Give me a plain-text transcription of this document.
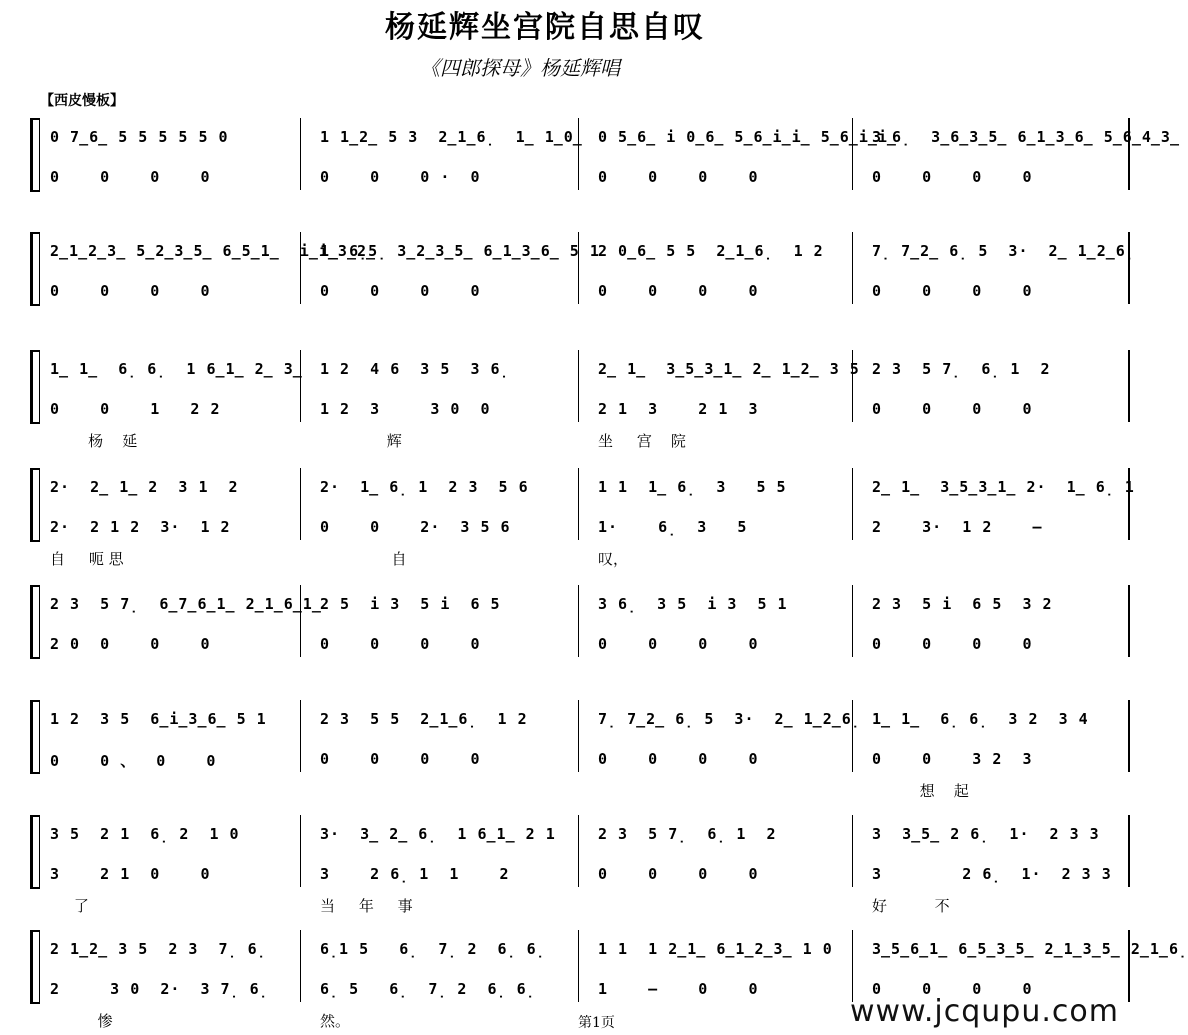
杨延辉坐宫院自思自叹
《四郎探母》杨延辉唱
【西皮慢板】
0 7̲6̲ 5 5 5 5 5 0
0    0    0    0
1 1̲2̲ 5 3  2̲1̲6̣  1̲ 1̲0̲
0    0    0 ·  0
0 5̲6̲ i 0̲6̲ 5̲6̲i̲i̲ 5̲6̲i̲i̲
0    0    0    0
3 6̣  3̲6̲3̲5̲ 6̲1̲3̲6̲ 5̲6̲4̲3̲
0    0    0    0
2̲1̲2̲3̲ 5̲2̲3̲5̲ 6̲5̲1̲  i̲i̲3̲2̲
0    0    0    0
1̲ 6̣5̣ 3̲2̲3̲5̲ 6̲1̲3̲6̲ 5 1
0    0    0    0
2 0̲6̲ 5 5  2̲1̲6̣  1 2
0    0    0    0
7̣ 7̲2̲ 6̣ 5  3·  2̲ 1̲2̲6̣
0    0    0    0
1̲ 1̲  6̣ 6̣  1 6̲1̲ 2̲ 3̲
0    0    1   2 2
杨    延
1 2  4 6  3 5  3 6̣
1 2  3     3 0  0
辉
2̲ 1̲  3̲5̲3̲1̲ 2̲ 1̲2̲ 3 5
2 1  3    2 1  3
坐     宫    院
2 3  5 7̣  6̣ 1  2
0    0    0    0
2·  2̲ 1̲ 2  3 1  2
2·  2 1 2  3·  1 2
自     呃 思
2·  1̲ 6̣ 1  2 3  5 6
0    0    2·  3 5 6
自
1 1  1̲ 6̣  3   5 5
1·    6̣  3   5
叹，
2̲ 1̲  3̲5̲3̲1̲ 2·  1̲ 6̣ 1
2    3·  1 2    —
2 3  5 7̣  6̲7̲6̲1̲ 2̲1̲6̲1̲
2 0  0    0    0
2 5  i 3  5 i  6 5
0    0    0    0
3 6̣  3 5  i 3  5 1
0    0    0    0
2 3  5 i  6 5  3 2
0    0    0    0
1 2  3 5  6̲i̲3̲6̲ 5 1
0    0 、  0    0
2 3  5 5  2̲1̲6̣  1 2
0    0    0    0
7̣ 7̲2̲ 6̣ 5  3·  2̲ 1̲2̲6̣
0    0    0    0
1̲ 1̲  6̣ 6̣  3 2  3 4
0    0    3 2  3
想    起
3 5  2 1  6̣ 2  1 0
3    2 1  0    0
了
3·  3̲ 2̲ 6̣  1 6̲1̲ 2 1
3    2 6̣ 1  1    2
当     年     事
2 3  5 7̣  6̣ 1  2
0    0    0    0
3  3̲5̲ 2 6̣  1·  2 3 3
3        2 6̣  1·  2 3 3
好          不
2 1̲2̲ 3 5  2 3  7̣ 6̣
2     3 0  2·  3 7̣ 6̣
惨
6̣1 5   6̣  7̣ 2  6̣ 6̣
6̣ 5   6̣  7̣ 2  6̣ 6̣
然。
1 1  1 2̲1̲ 6̲1̲2̲3̲ 1 0
1    —    0    0
3̲5̲6̲1̲ 6̲5̲3̲5̲ 2̲1̲3̲5̲ 2̲1̲6̣
0    0    0    0
第1页	www.jcqupu.com
